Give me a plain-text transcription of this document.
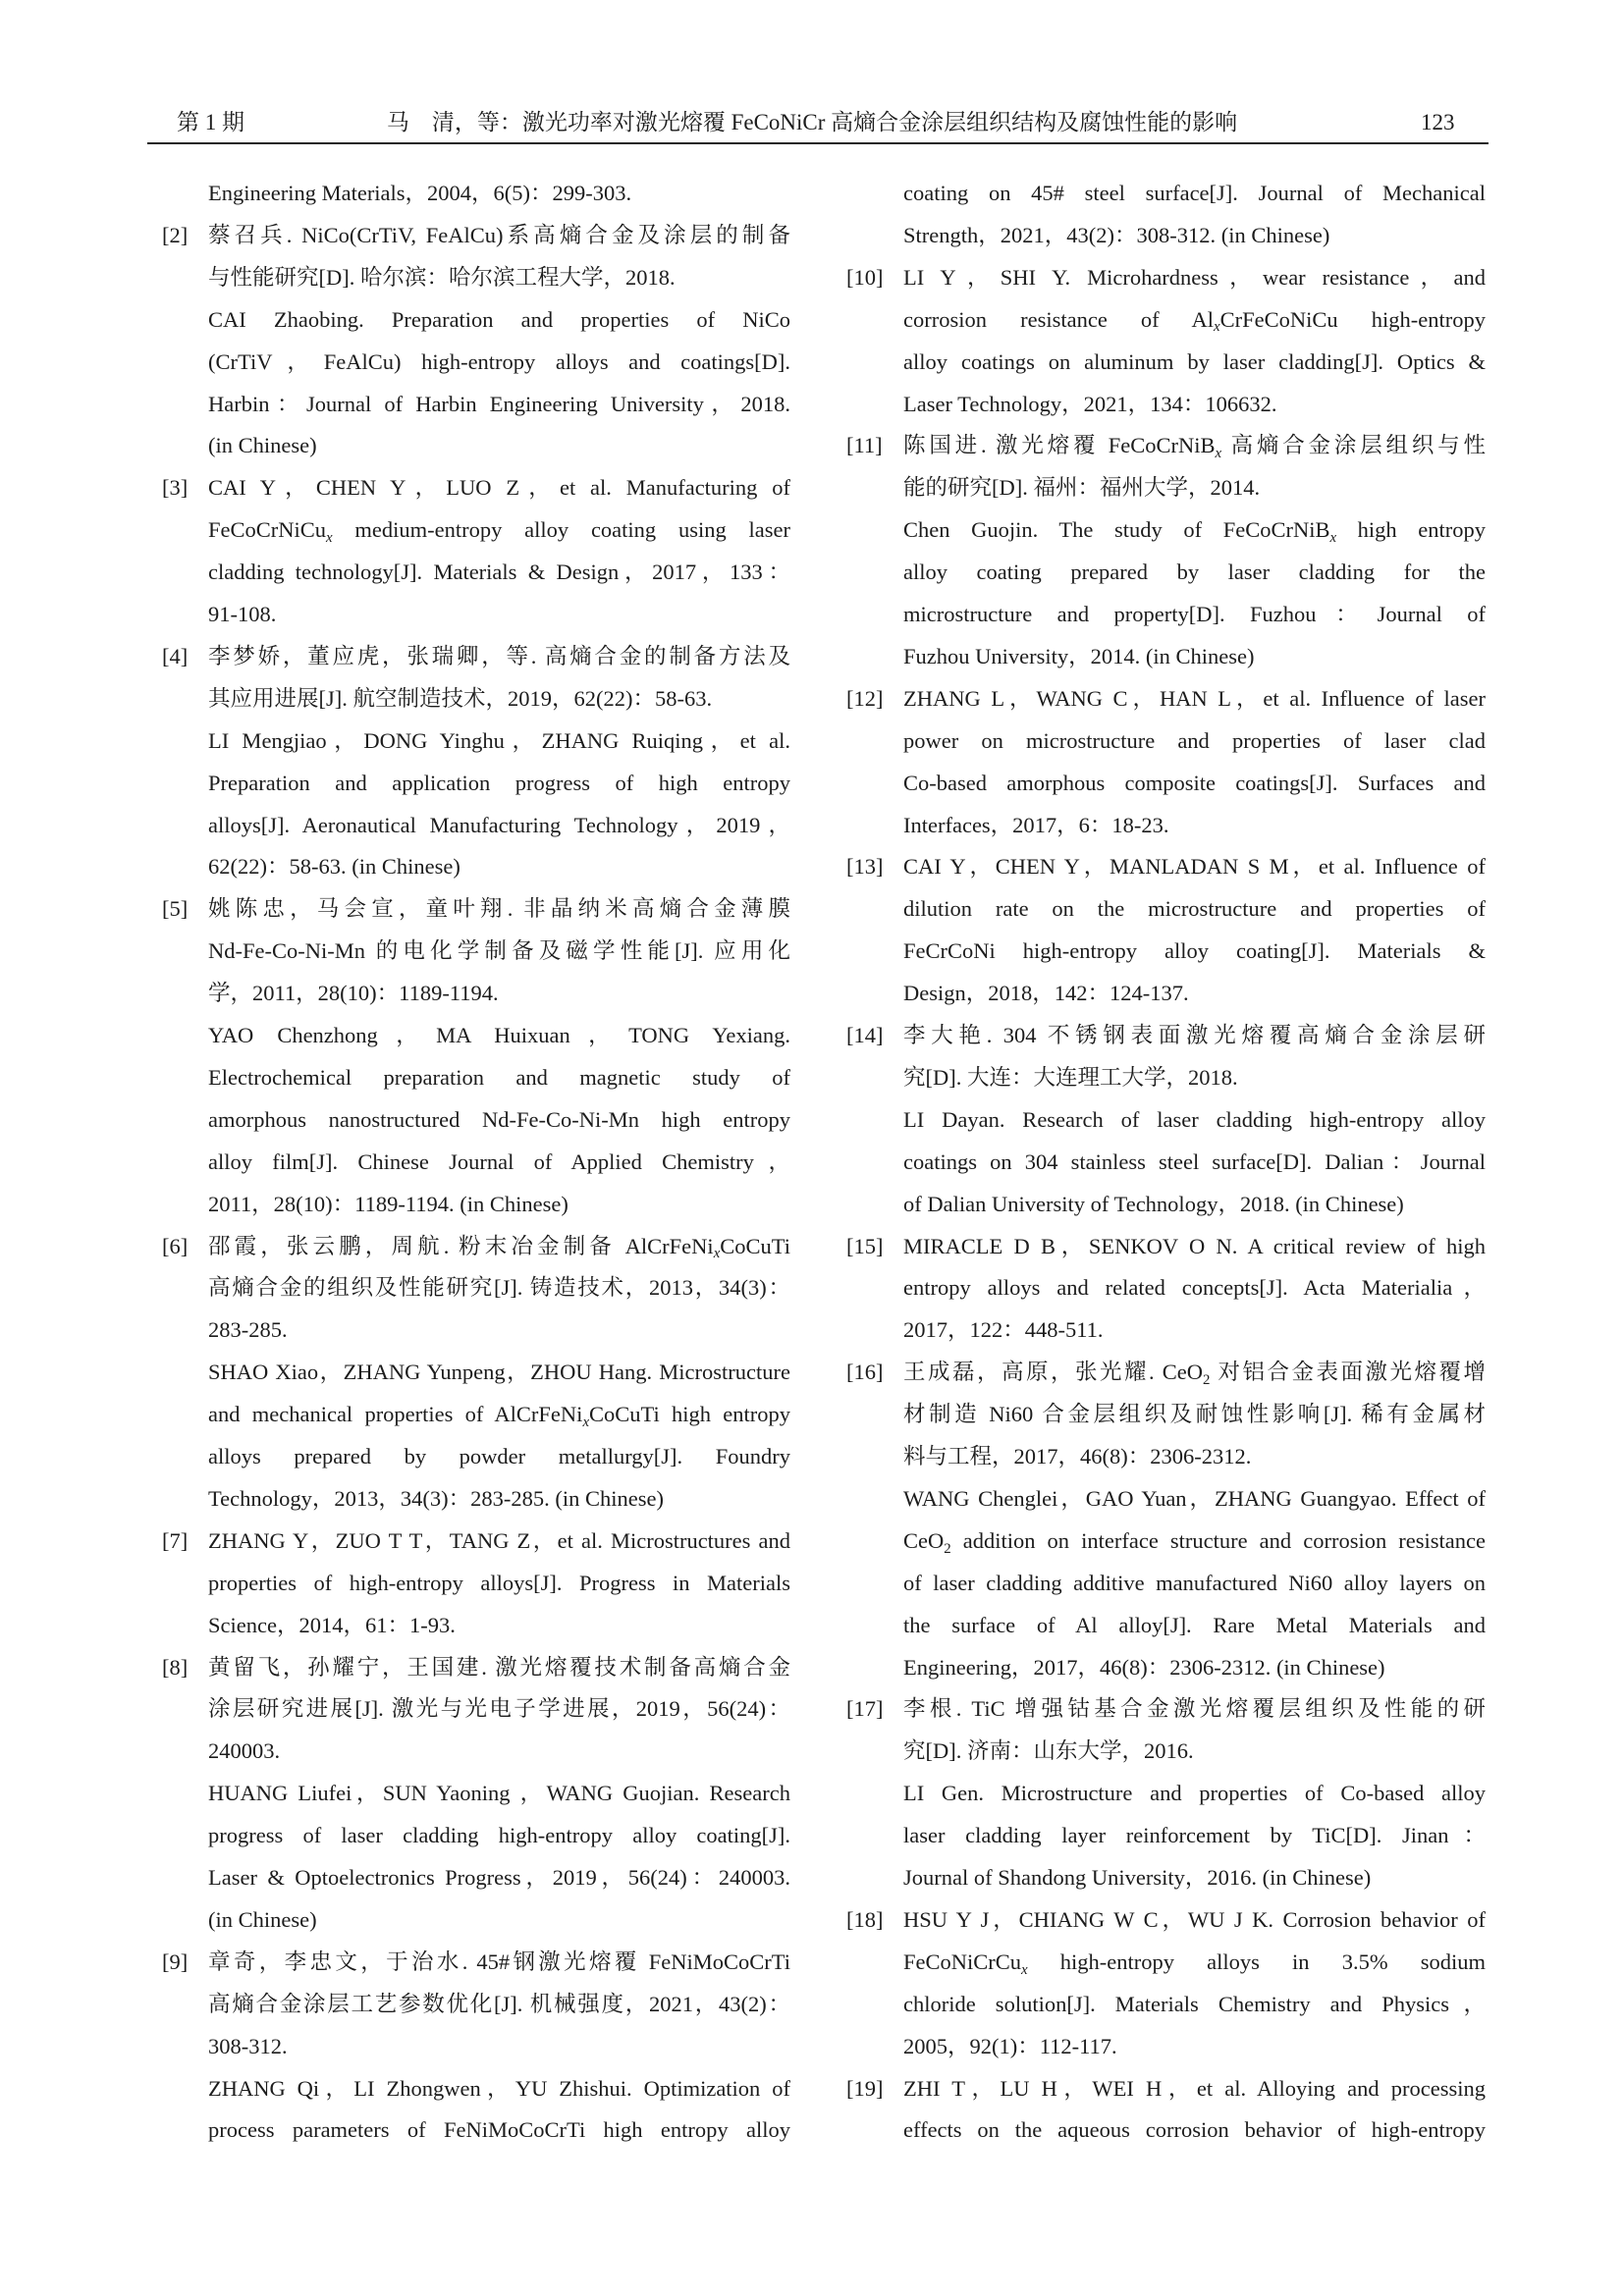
第 1 期	马　清，等：激光功率对激光熔覆 FeCoNiCr 高熵合金涂层组织结构及腐蚀性能的影响	123
Engineering Materials，2004，6(5)：299-303.
[2] 蔡召兵. NiCo(CrTiV, FeAlCu)系高熵合金及涂层的制备
与性能研究[D]. 哈尔滨：哈尔滨工程大学，2018.
CAI Zhaobing. Preparation and properties of NiCo
(CrTiV，FeAlCu) high-entropy alloys and coatings[D].
Harbin：Journal of Harbin Engineering University，2018.
(in Chinese)
[3] CAI Y，CHEN Y，LUO Z，et al. Manufacturing of
FeCoCrNiCu$_x$ medium-entropy alloy coating using laser
cladding technology[J]. Materials & Design，2017，133：
91-108.
[4] 李梦娇，董应虎，张瑞卿，等. 高熵合金的制备方法及
其应用进展[J]. 航空制造技术，2019，62(22)：58-63.
LI Mengjiao，DONG Yinghu，ZHANG Ruiqing，et al.
Preparation and application progress of high entropy
alloys[J]. Aeronautical Manufacturing Technology，2019，
62(22)：58-63. (in Chinese)
[5] 姚陈忠，马会宣，童叶翔. 非晶纳米高熵合金薄膜
Nd-Fe-Co-Ni-Mn 的电化学制备及磁学性能[J]. 应用化
学，2011，28(10)：1189-1194.
YAO Chenzhong，MA Huixuan，TONG Yexiang.
Electrochemical preparation and magnetic study of
amorphous nanostructured Nd-Fe-Co-Ni-Mn high entropy
alloy film[J]. Chinese Journal of Applied Chemistry，
2011，28(10)：1189-1194. (in Chinese)
[6] 邵霞，张云鹏，周航. 粉末冶金制备 AlCrFeNi$_x$CoCuTi
高熵合金的组织及性能研究[J]. 铸造技术，2013，34(3)：
283-285.
SHAO Xiao，ZHANG Yunpeng，ZHOU Hang. Microstructure
and mechanical properties of AlCrFeNi$_x$CoCuTi high entropy
alloys prepared by powder metallurgy[J]. Foundry
Technology，2013，34(3)：283-285. (in Chinese)
[7] ZHANG Y，ZUO T T，TANG Z，et al. Microstructures and
properties of high-entropy alloys[J]. Progress in Materials
Science，2014，61：1-93.
[8] 黄留飞，孙耀宁，王国建. 激光熔覆技术制备高熵合金
涂层研究进展[J]. 激光与光电子学进展，2019，56(24)：
240003.
HUANG Liufei，SUN Yaoning ，WANG Guojian. Research
progress of laser cladding high-entropy alloy coating[J].
Laser & Optoelectronics Progress，2019，56(24)：240003.
(in Chinese)
[9] 章奇，李忠文，于治水. 45#钢激光熔覆 FeNiMoCoCrTi
高熵合金涂层工艺参数优化[J]. 机械强度，2021，43(2)：
308-312.
ZHANG Qi，LI Zhongwen，YU Zhishui. Optimization of
process parameters of FeNiMoCoCrTi high entropy alloy
coating on 45# steel surface[J]. Journal of Mechanical
Strength，2021，43(2)：308-312. (in Chinese)
[10] LI Y，SHI Y. Microhardness，wear resistance，and
corrosion resistance of $Al_xCrFeCoNiCu$ high-entropy
alloy coatings on aluminum by laser cladding[J]. Optics &
Laser Technology，2021，134：106632.
[11] 陈国进. 激光熔覆 FeCoCrNiB$_x$ 高熵合金涂层组织与性
能的研究[D]. 福州：福州大学，2014.
Chen Guojin. The study of FeCoCrNiB$_x$ high entropy
alloy coating prepared by laser cladding for the
microstructure and property[D]. Fuzhou：Journal of
Fuzhou University，2014. (in Chinese)
[12] ZHANG L，WANG C，HAN L，et al. Influence of laser
power on microstructure and properties of laser clad
Co-based amorphous composite coatings[J]. Surfaces and
Interfaces，2017，6：18-23.
[13] CAI Y，CHEN Y，MANLADAN S M，et al. Influence of
dilution rate on the microstructure and properties of
FeCrCoNi high-entropy alloy coating[J]. Materials &
Design，2018，142：124-137.
[14] 李大艳. 304 不锈钢表面激光熔覆高熵合金涂层研
究[D]. 大连：大连理工大学，2018.
LI Dayan. Research of laser cladding high-entropy alloy
coatings on 304 stainless steel surface[D]. Dalian：Journal
of Dalian University of Technology，2018. (in Chinese)
[15] MIRACLE D B，SENKOV O N. A critical review of high
entropy alloys and related concepts[J]. Acta Materialia，
2017，122：448-511.
[16] 王成磊，高原，张光耀. CeO$_2$ 对铝合金表面激光熔覆增
材制造 Ni60 合金层组织及耐蚀性影响[J]. 稀有金属材
料与工程，2017，46(8)：2306-2312.
WANG Chenglei，GAO Yuan，ZHANG Guangyao. Effect of
CeO$_2$ addition on interface structure and corrosion resistance
of laser cladding additive manufactured Ni60 alloy layers on
the surface of Al alloy[J]. Rare Metal Materials and
Engineering，2017，46(8)：2306-2312. (in Chinese)
[17] 李根. TiC 增强钴基合金激光熔覆层组织及性能的研
究[D]. 济南：山东大学，2016.
LI Gen. Microstructure and properties of Co-based alloy
laser cladding layer reinforcement by TiC[D]. Jinan：
Journal of Shandong University，2016. (in Chinese)
[18] HSU Y J，CHIANG W C，WU J K. Corrosion behavior of
FeCoNiCrCu$_x$ high-entropy alloys in 3.5% sodium
chloride solution[J]. Materials Chemistry and Physics，
2005，92(1)：112-117.
[19] ZHI T，LU H，WEI H，et al. Alloying and processing
effects on the aqueous corrosion behavior of high-entropy
